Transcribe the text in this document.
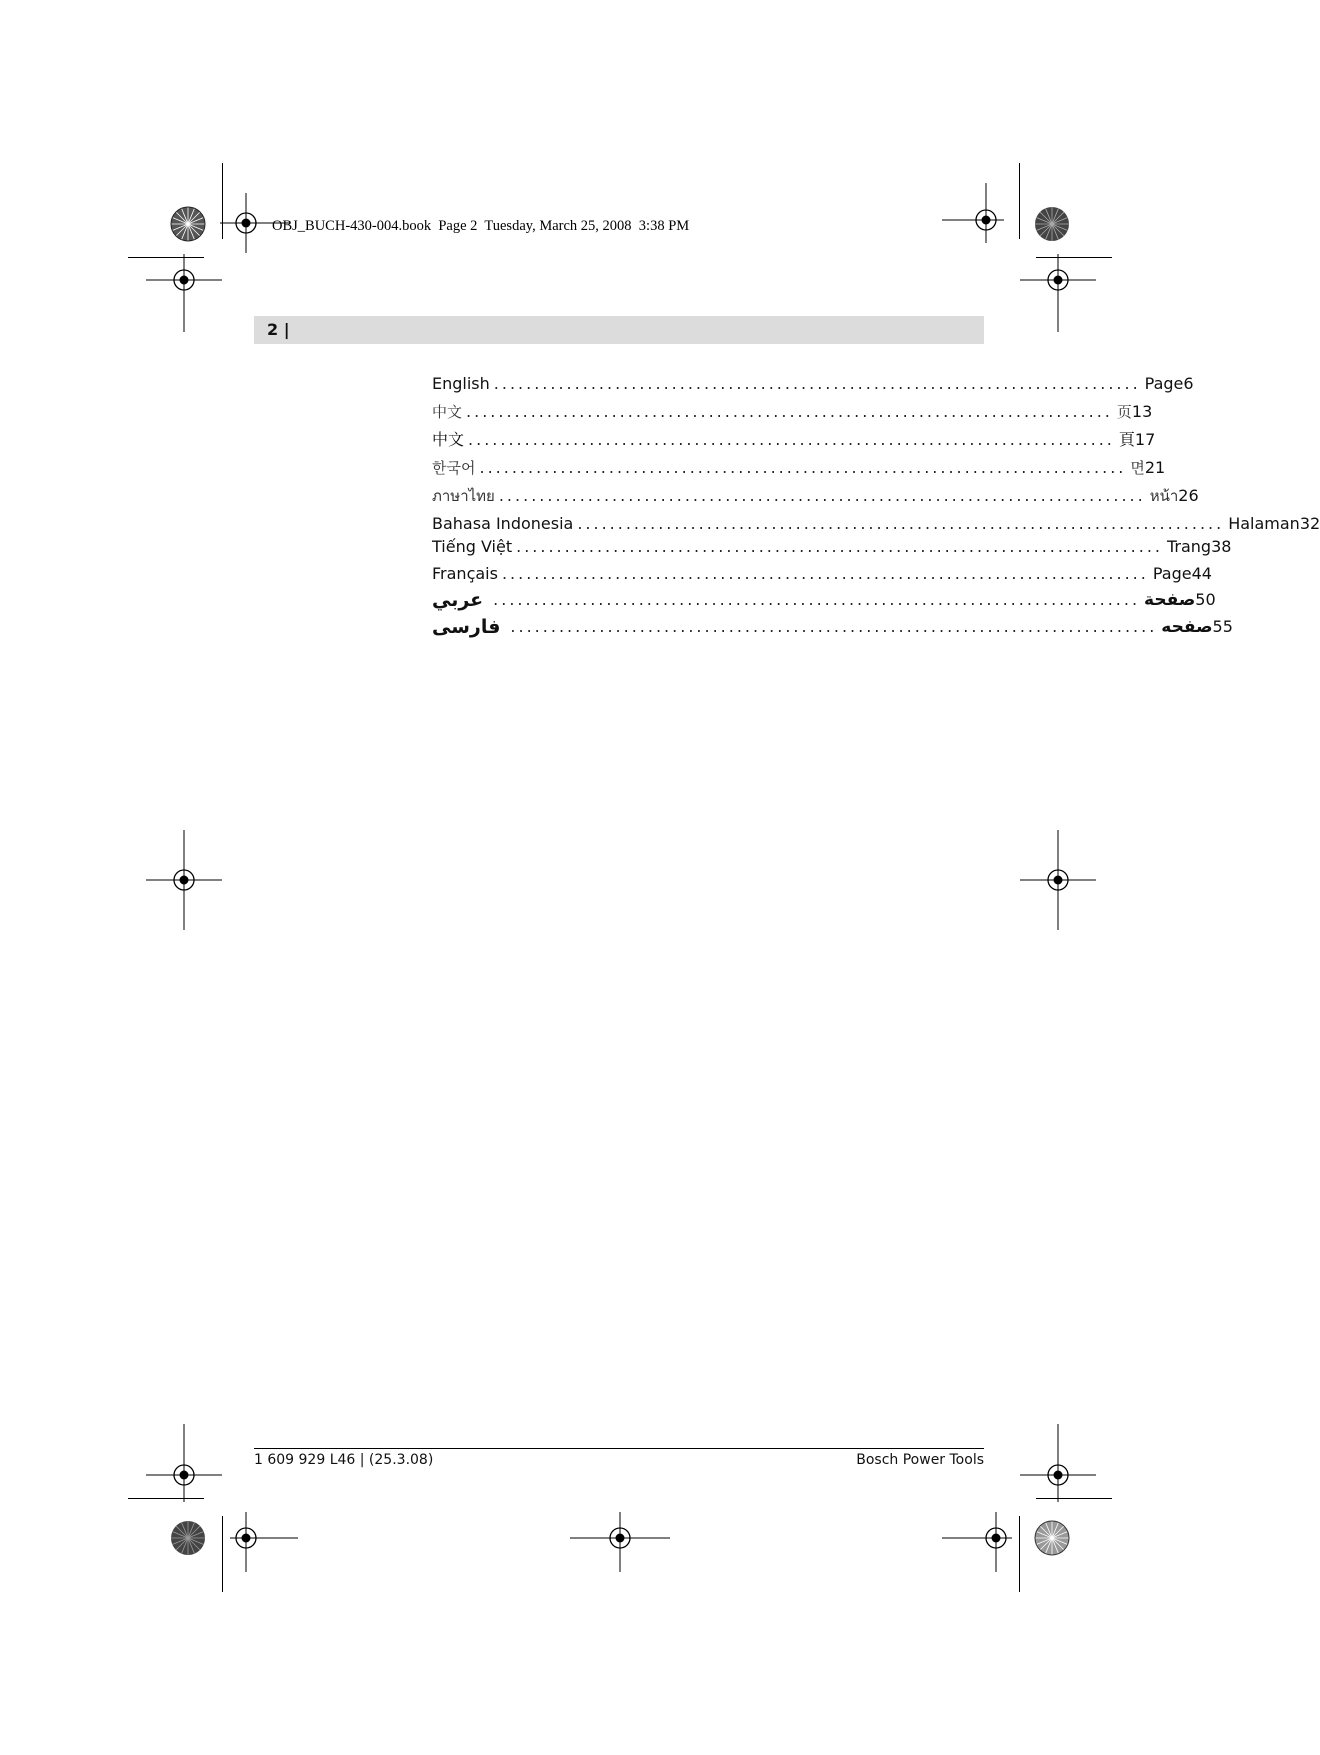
OBJ_BUCH-430-004.book  Page 2  Tuesday, March 25, 2008  3:38 PM
2 |
English ................................................................................ Page 6
中文 ................................................................................ 页 13
中文 ................................................................................ 頁 17
한국어 ................................................................................ 면 21
ภาษาไทย ................................................................................ หน้า 26
Bahasa Indonesia ................................................................................ Halaman 32
Tiếng Việt ................................................................................ Trang 38
Français ................................................................................ Page 44
عربي ................................................................................ صفحة 50
فارسی ................................................................................ صفحه 55
1 609 929 L46 | (25.3.08)	Bosch Power Tools
